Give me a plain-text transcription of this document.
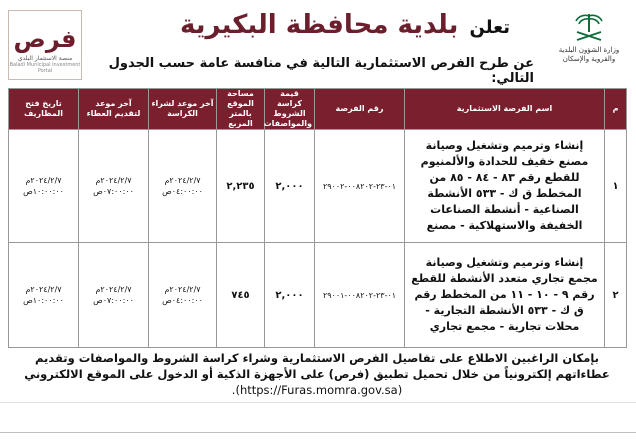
فرص
منصة الاستثمار البلدي
Baladi Municipal Investment Portal
تعلن بلدية محافظة البكيرية
عن طرح الفرص الاستثمارية التالية في منافسة عامة حسب الجدول التالي:
وزارة الشؤون البلدية والقروية والإسكان
م	اسم الفرصة الاستثمارية	رقم الفرصة	قيمة كراسة الشروط والمواصفات	مساحة الموقع بالمتر المربع	آخر موعد لشراء الكراسة	آخر موعد لتقديم العطاء	تاريخ فتح المظاريف
١	إنشاء وترميم وتشغيل وصيانة مصنع خفيف للحدادة والألمنيوم للقطع رقم ٨٣ - ٨٤ - ٨٥ من المخطط ق ك - ٥٣٣ الأنشطة الصناعية - أنشطة الصناعات الخفيفة والاستهلاكية - مصنع	٠١-٢٣-٠٠٨٢٠٢-٢٩٠٠٢	٢,٠٠٠	٢,٢٣٥	٢٠٢٤/٢/٧م ٠٤:٠٠:٠٠ص	٢٠٢٤/٢/٧م ٠٧:٠٠:٠٠ص	٢٠٢٤/٢/٧م ١٠:٠٠:٠٠ص
٢	إنشاء وترميم وتشغيل وصيانة مجمع تجاري متعدد الأنشطة للقطع رقم ٩ - ١٠ - ١١ من المخطط رقم ق ك - ٥٣٣ الأنشطة التجارية - محلات تجارية - مجمع تجاري	٠١-٢٣-٠٠٨٢٠٢-٢٩٠٠١	٢,٠٠٠	٧٤٥	٢٠٢٤/٢/٧م ٠٤:٠٠:٠٠ص	٢٠٢٤/٢/٧م ٠٧:٠٠:٠٠ص	٢٠٢٤/٢/٧م ١٠:٠٠:٠٠ص
بإمكان الراغبين الاطلاع على تفاصيل الفرص الاستثمارية وشراء كراسة الشروط والمواصفات وتقديم عطاءاتهم إلكترونياً من خلال تحميل تطبيق (فرص) على الأجهزة الذكية أو الدخول على الموقع الالكتروني (https://Furas.momra.gov.sa).
